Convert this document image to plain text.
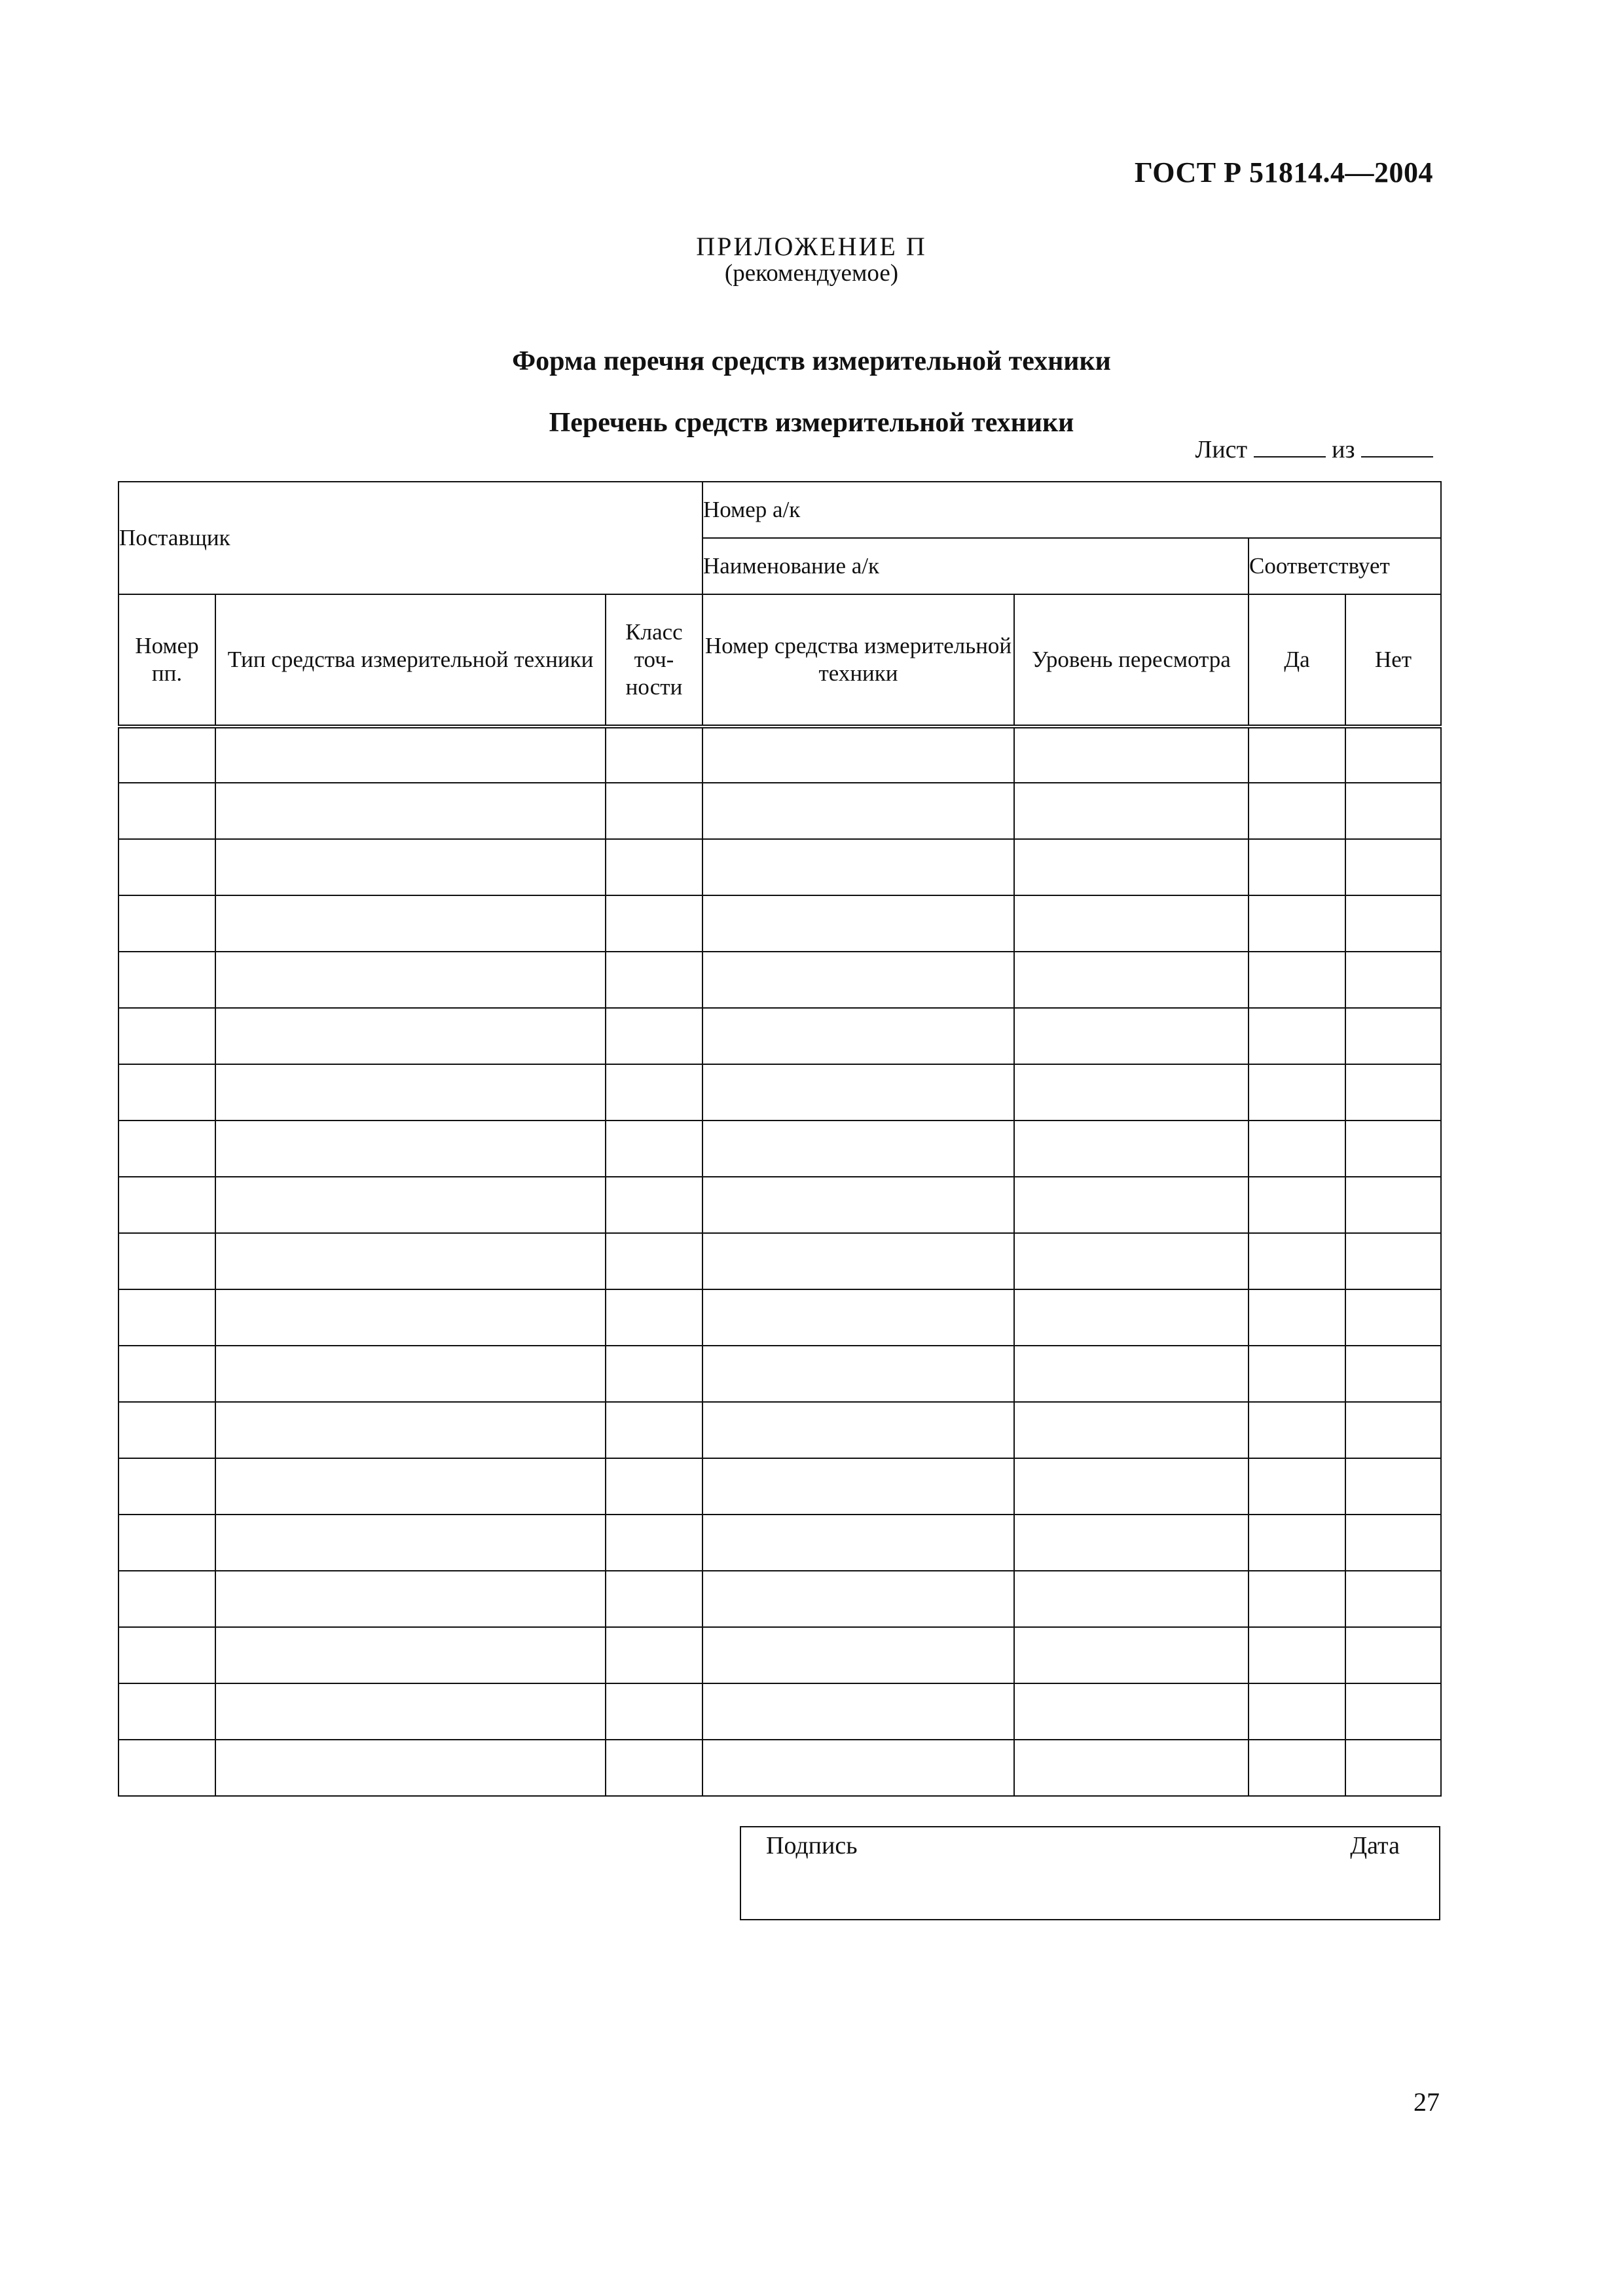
ГОСТ Р 51814.4—2004
ПРИЛОЖЕНИЕ П
(рекомендуемое)
Форма перечня средств измерительной техники
Перечень средств измерительной техники
Лист	из
Поставщик			Номер а/к			
			Наименование а/к		Соответствует	
Номер пп.	Тип средства измерительной техники	Класс точ-ности	Номер средства измерительной техники	Уровень пересмотра	Да	Нет

Подпись	Дата
27
